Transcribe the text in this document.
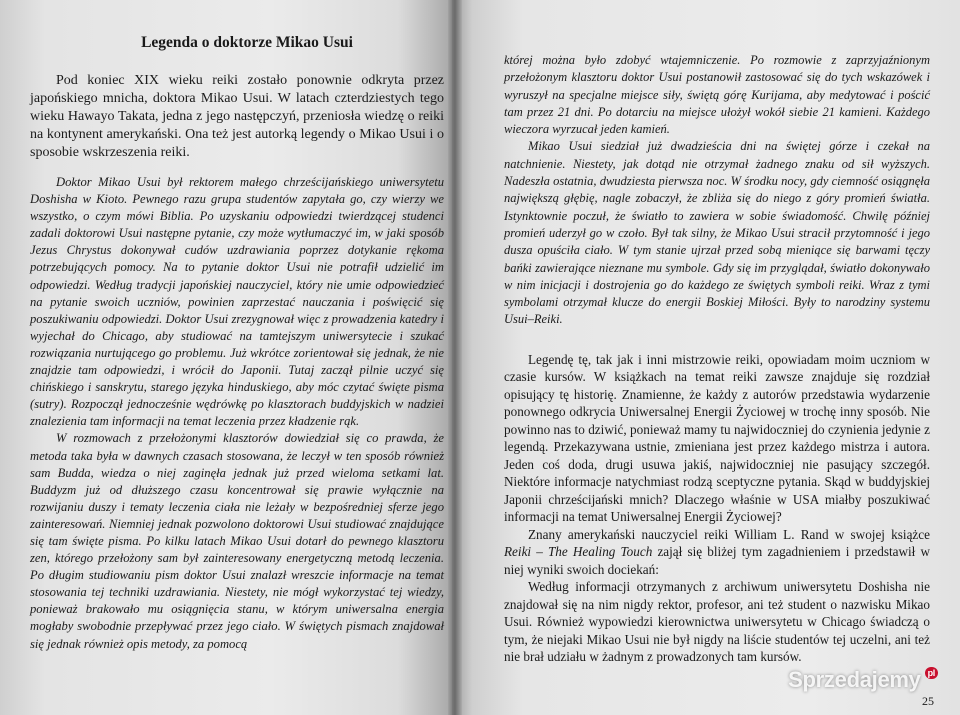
Legenda o doktorze Mikao Usui

Pod koniec XIX wieku reiki zostało ponownie odkryta przez japońskiego mnicha, doktora Mikao Usui. W latach czterdziestych tego wieku Hawayo Takata, jedna z jego następczyń, przeniosła wiedzę o reiki na kontynent amerykański. Ona też jest autorką legendy o Mikao Usui i o sposobie wskrzeszenia reiki.

Doktor Mikao Usui był rektorem małego chrześcijańskiego uniwersytetu Doshisha w Kioto. Pewnego razu grupa studentów zapytała go, czy wierzy we wszystko, o czym mówi Biblia. Po uzyskaniu odpowiedzi twierdzącej studenci zadali doktorowi Usui następne pytanie, czy może wytłumaczyć im, w jaki sposób Jezus Chrystus dokonywał cudów uzdrawiania poprzez dotykanie rękoma potrzebujących pomocy. Na to pytanie doktor Usui nie potrafił udzielić im odpowiedzi. Według tradycji japońskiej nauczyciel, który nie umie odpowiedzieć na pytanie swoich uczniów, powinien zaprzestać nauczania i poświęcić się poszukiwaniu odpowiedzi. Doktor Usui zrezygnował więc z prowadzenia katedry i wyjechał do Chicago, aby studiować na tamtejszym uniwersytecie i szukać rozwiązania nurtującego go problemu. Już wkrótce zorientował się jednak, że nie znajdzie tam odpowiedzi, i wrócił do Japonii. Tutaj zaczął pilnie uczyć się chińskiego i sanskrytu, starego języka hinduskiego, aby móc czytać święte pisma (sutry). Rozpoczął jednocześnie wędrówkę po klasztorach buddyjskich w nadziei znalezienia tam informacji na temat leczenia przez kładzenie rąk.

W rozmowach z przełożonymi klasztorów dowiedział się co prawda, że metoda taka była w dawnych czasach stosowana, że leczył w ten sposób również sam Budda, wiedza o niej zaginęła jednak już przed wieloma setkami lat. Buddyzm już od dłuższego czasu koncentrował się prawie wyłącznie na rozwijaniu duszy i tematy leczenia ciała nie leżały w bezpośredniej sferze jego zainteresowań. Niemniej jednak pozwolono doktorowi Usui studiować znajdujące się tam święte pisma. Po kilku latach Mikao Usui dotarł do pewnego klasztoru zen, którego przełożony sam był zainteresowany energetyczną metodą leczenia. Po długim studiowaniu pism doktor Usui znalazł wreszcie informacje na temat stosowania tej techniki uzdrawiania. Niestety, nie mógł wykorzystać tej wiedzy, ponieważ brakowało mu osiągnięcia stanu, w którym uniwersalna energia mogłaby swobodnie przepływać przez jego ciało. W świętych pismach znajdował się jednak również opis metody, za pomocą

której można było zdobyć wtajemniczenie. Po rozmowie z zaprzyjaźnionym przełożonym klasztoru doktor Usui postanowił zastosować się do tych wskazówek i wyruszył na specjalne miejsce siły, świętą górę Kurijama, aby medytować i pościć tam przez 21 dni. Po dotarciu na miejsce ułożył wokół siebie 21 kamieni. Każdego wieczora wyrzucał jeden kamień.

Mikao Usui siedział już dwadzieścia dni na świętej górze i czekał na natchnienie. Niestety, jak dotąd nie otrzymał żadnego znaku od sił wyższych. Nadeszła ostatnia, dwudziesta pierwsza noc. W środku nocy, gdy ciemność osiągnęła największą głębię, nagle zobaczył, że zbliża się do niego z góry promień światła. Istynktownie poczuł, że światło to zawiera w sobie świadomość. Chwilę później promień uderzył go w czoło. Był tak silny, że Mikao Usui stracił przytomność i jego dusza opuściła ciało. W tym stanie ujrzał przed sobą mieniące się barwami tęczy bańki zawierające nieznane mu symbole. Gdy się im przyglądał, światło dokonywało w nim inicjacji i dostrojenia go do każdego ze świętych symboli reiki. Wraz z tymi symbolami otrzymał klucze do energii Boskiej Miłości. Były to narodziny systemu Usui–Reiki.

Legendę tę, tak jak i inni mistrzowie reiki, opowiadam moim uczniom w czasie kursów. W książkach na temat reiki zawsze znajduje się rozdział opisujący tę historię. Znamienne, że każdy z autorów przedstawia wydarzenie ponownego odkrycia Uniwersalnej Energii Życiowej w trochę inny sposób. Nie powinno nas to dziwić, ponieważ mamy tu najwidoczniej do czynienia jedynie z legendą. Przekazywana ustnie, zmieniana jest przez każdego mistrza i autora. Jeden coś doda, drugi usuwa jakiś, najwidoczniej nie pasujący szczegół. Niektóre informacje natychmiast rodzą sceptyczne pytania. Skąd w buddyjskiej Japonii chrześcijański mnich? Dlaczego właśnie w USA miałby poszukiwać informacji na temat Uniwersalnej Energii Życiowej?

Znany amerykański nauczyciel reiki William L. Rand w swojej książce Reiki – The Healing Touch zajął się bliżej tym zagadnieniem i przedstawił w niej wyniki swoich dociekań:

Według informacji otrzymanych z archiwum uniwersytetu Doshisha nie znajdował się na nim nigdy rektor, profesor, ani też student o nazwisku Mikao Usui. Również wypowiedzi kierownictwa uniwersytetu w Chicago świadczą o tym, że niejaki Mikao Usui nie był nigdy na liście studentów tej uczelni, ani też nie brał udziału w żadnym z prowadzonych tam kursów.

Sprzedajemy pl
25
